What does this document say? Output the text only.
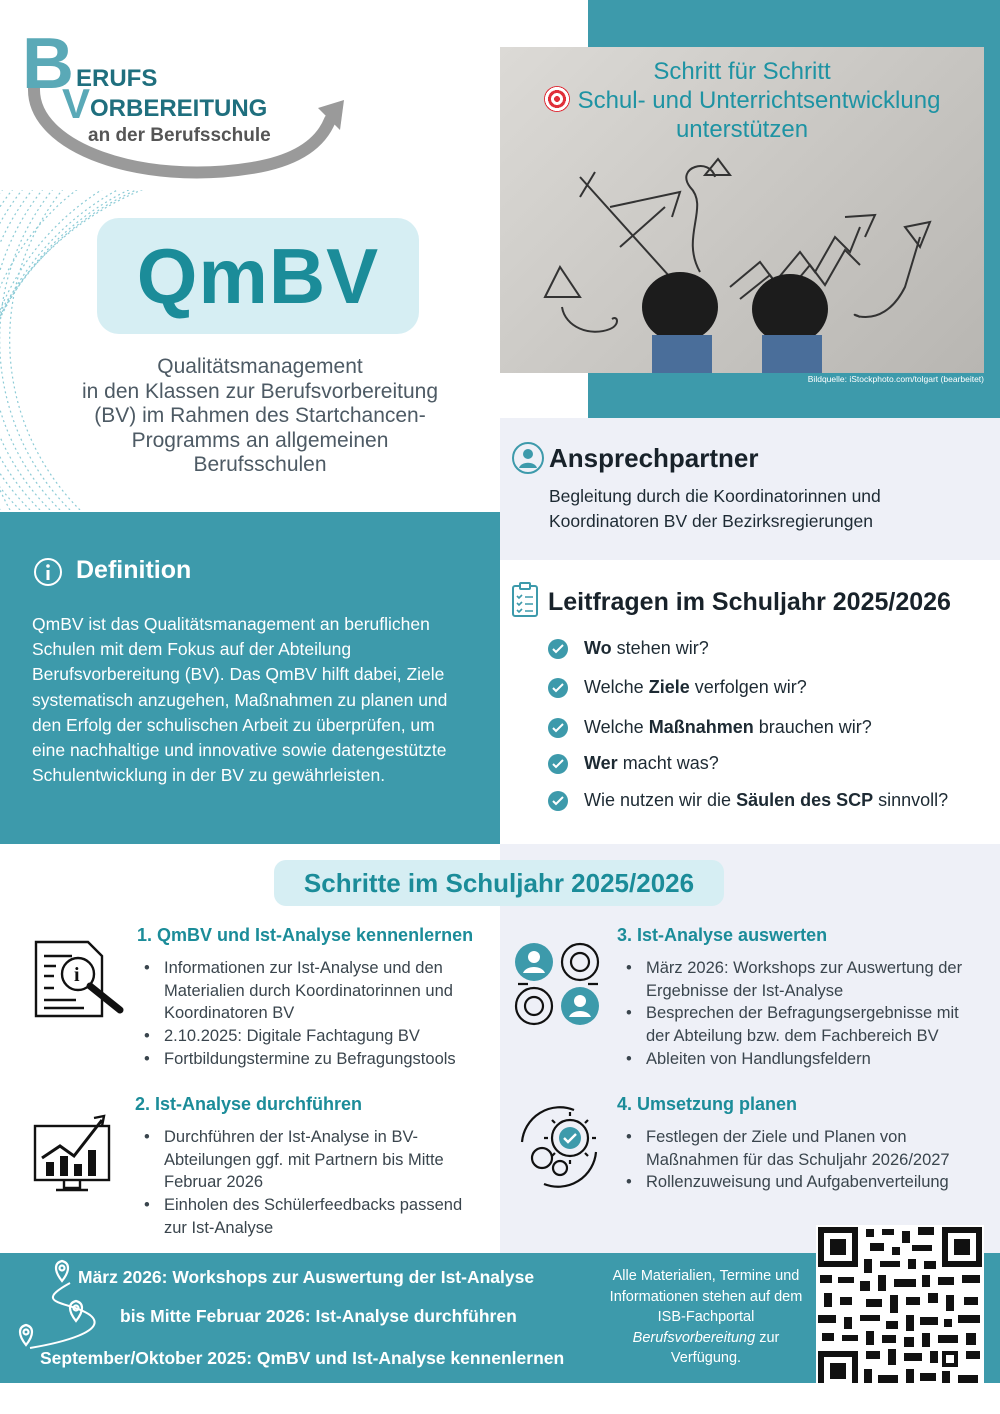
B ERUFS
V ORBEREITUNG
an der Berufsschule
QmBV
Qualitätsmanagement
in den Klassen zur Berufsvorbereitung
(BV) im Rahmen des Startchancen-
Programms an allgemeinen
Berufsschulen
Schritt für Schritt
Schul- und Unterrichtsentwicklung
unterstützen
Bildquelle: iStockphoto.com/tolgart (bearbeitet)
Definition

QmBV ist das Qualitätsmanagement an beruflichen Schulen mit dem Fokus auf der Abteilung Berufsvorbereitung (BV). Das QmBV hilft dabei, Ziele systematisch anzugehen, Maßnahmen zu planen und den Erfolg der schulischen Arbeit zu überprüfen, um eine nachhaltige und innovative sowie datengestützte Schulentwicklung in der BV zu gewährleisten.

Ansprechpartner

Begleitung durch die Koordinatorinnen und
Koordinatoren BV der Bezirksregierungen

Leitfragen im Schuljahr 2025/2026
Wo stehen wir?
Welche Ziele verfolgen wir?
Welche Maßnahmen brauchen wir?
Wer macht was?
Wie nutzen wir die Säulen des SCP sinnvoll?
Schritte im Schuljahr 2025/2026
i
1. QmBV und Ist-Analyse kennenlernen
• Informationen zur Ist-Analyse und den Materialien durch Koordinatorinnen und Koordinatoren BV
• 2.10.2025: Digitale Fachtagung BV
• Fortbildungstermine zu Befragungstools
2. Ist-Analyse durchführen
• Durchführen der Ist-Analyse in BV-Abteilungen ggf. mit Partnern bis Mitte Februar 2026
• Einholen des Schülerfeedbacks passend zur Ist-Analyse
3. Ist-Analyse auswerten
• März 2026: Workshops zur Auswertung der Ergebnisse der Ist-Analyse
• Besprechen der Befragungsergebnisse mit der Abteilung bzw. dem Fachbereich BV
• Ableiten von Handlungsfeldern
4. Umsetzung planen
• Festlegen der Ziele und Planen von Maßnahmen für das Schuljahr 2026/2027
• Rollenzuweisung und Aufgabenverteilung
März 2026: Workshops zur Auswertung der Ist-Analyse
bis Mitte Februar 2026: Ist-Analyse durchführen
September/Oktober 2025: QmBV und Ist-Analyse kennenlernen
Alle Materialien, Termine und
Informationen stehen auf dem
ISB-Fachportal
Berufsvorbereitung zur
Verfügung.
